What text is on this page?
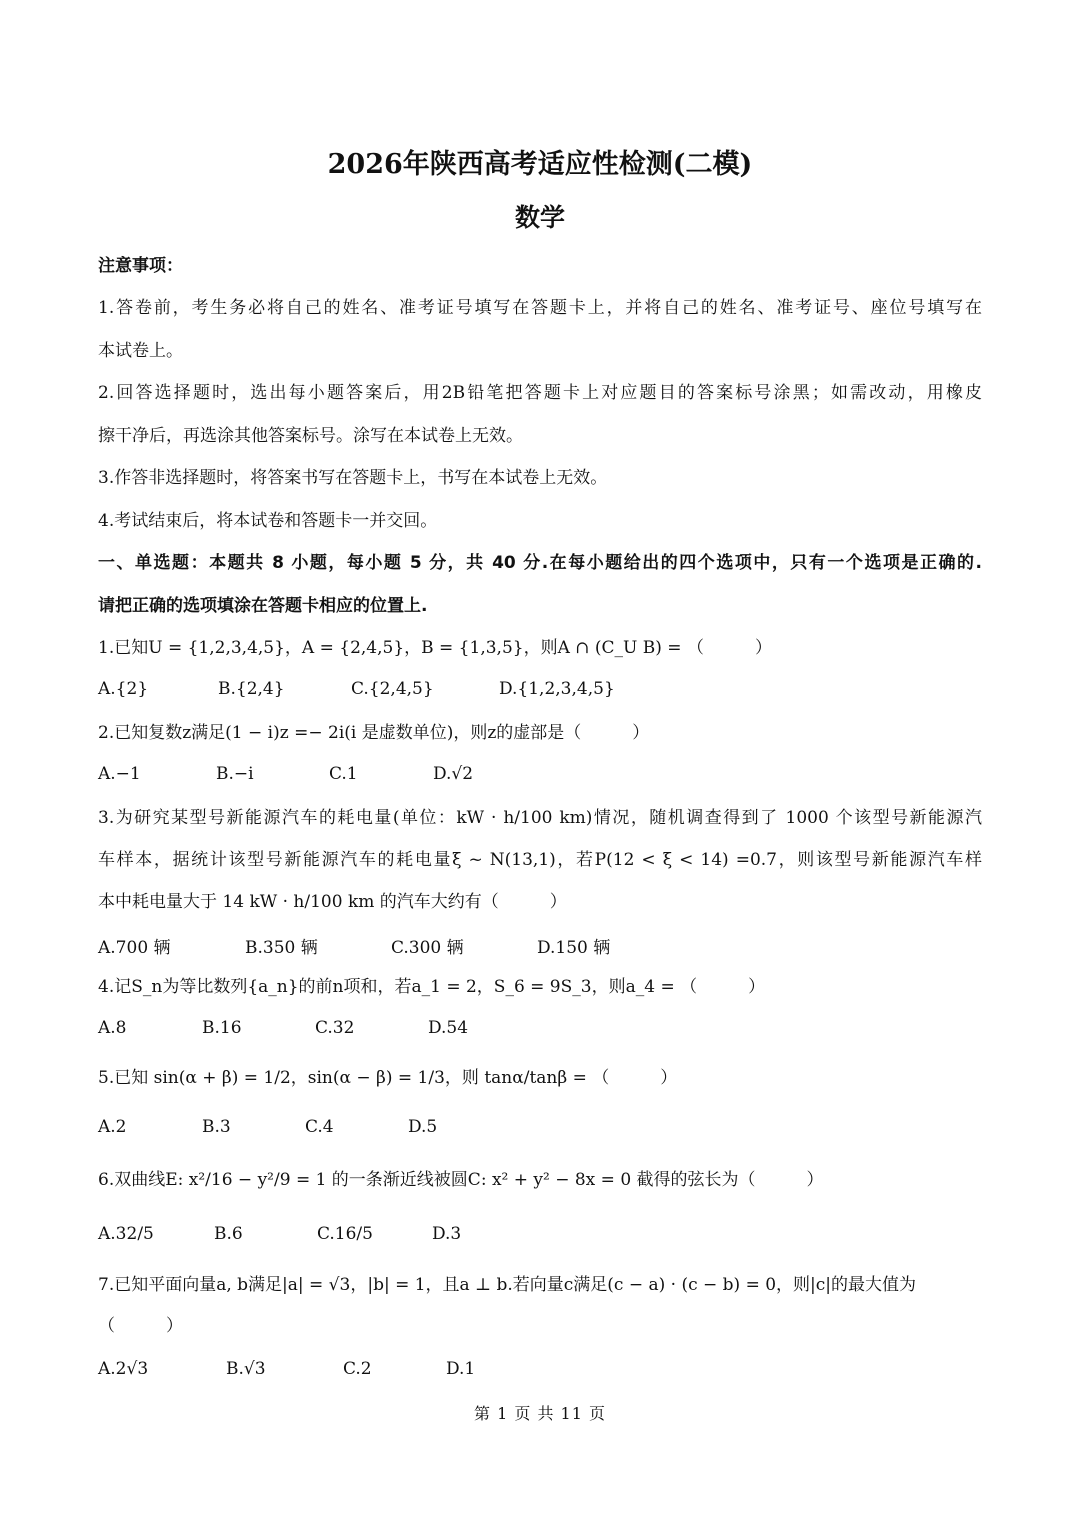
2026年陕西高考适应性检测(二模)
数学
注意事项：
1.答卷前，考生务必将自己的姓名、准考证号填写在答题卡上，并将自己的姓名、准考证号、座位号填写在
本试卷上。
2.回答选择题时，选出每小题答案后，用2B铅笔把答题卡上对应题目的答案标号涂黑；如需改动，用橡皮
擦干净后，再选涂其他答案标号。涂写在本试卷上无效。
3.作答非选择题时，将答案书写在答题卡上，书写在本试卷上无效。
4.考试结束后，将本试卷和答题卡一并交回。
一、单选题：本题共 8 小题，每小题 5 分，共 40 分.在每小题给出的四个选项中，只有一个选项是正确的.
请把正确的选项填涂在答题卡相应的位置上.
1.已知U = {1,2,3,4,5}，A = {2,4,5}，B = {1,3,5}，则A ∩ (C_U B) = （　　　）
A.{2}	B.{2,4}	C.{2,4,5}	D.{1,2,3,4,5}
2.已知复数z满足(1 − i)z =− 2i(i 是虚数单位)，则z的虚部是（　　　）
A.−1	B.−i	C.1	D.√2
3.为研究某型号新能源汽车的耗电量(单位：kW · h/100 km)情况，随机调查得到了 1000 个该型号新能源汽
车样本，据统计该型号新能源汽车的耗电量ξ ~ N(13,1)，若P(12 < ξ < 14) =0.7，则该型号新能源汽车样
本中耗电量大于 14 kW · h/100 km 的汽车大约有（　　　）
A.700 辆	B.350 辆	C.300 辆	D.150 辆
4.记S_n为等比数列{a_n}的前n项和，若a_1 = 2，S_6 = 9S_3，则a_4 = （　　　）
A.8	B.16	C.32	D.54
5.已知 sin(α + β) = 1/2，sin(α − β) = 1/3，则 tanα/tanβ = （　　　）
A.2	B.3	C.4	D.5
6.双曲线E: x²/16 − y²/9 = 1 的一条渐近线被圆C: x² + y² − 8x = 0 截得的弦长为（　　　）
A.32/5	B.6	C.16/5	D.3
7.已知平面向量a, b满足|a| = √3，|b| = 1，且a ⊥ b.若向量c满足(c − a) · (c − b) = 0，则|c|的最大值为
（　　　）
A.2√3	B.√3	C.2	D.1
第 1 页 共 11 页
